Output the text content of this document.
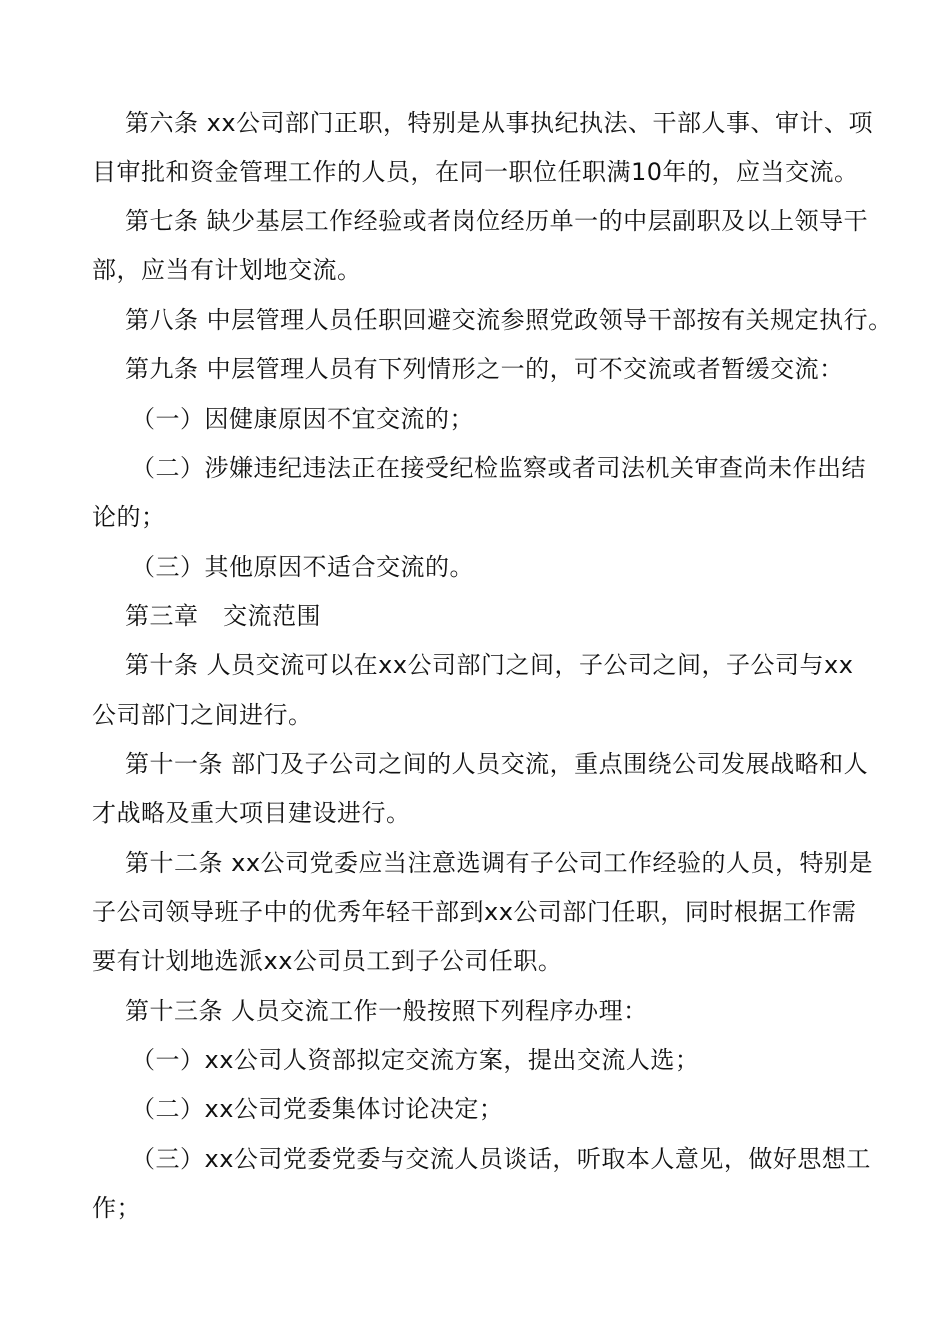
第六条 xx公司部门正职，特别是从事执纪执法、干部人事、审计、项
目审批和资金管理工作的人员，在同一职位任职满10年的，应当交流。
第七条 缺少基层工作经验或者岗位经历单一的中层副职及以上领导干
部，应当有计划地交流。
第八条 中层管理人员任职回避交流参照党政领导干部按有关规定执行。
第九条 中层管理人员有下列情形之一的，可不交流或者暂缓交流：
（一）因健康原因不宜交流的；
（二）涉嫌违纪违法正在接受纪检监察或者司法机关审查尚未作出结
论的；
（三）其他原因不适合交流的。
第三章　交流范围
第十条 人员交流可以在xx公司部门之间，子公司之间，子公司与xx
公司部门之间进行。
第十一条 部门及子公司之间的人员交流，重点围绕公司发展战略和人
才战略及重大项目建设进行。
第十二条 xx公司党委应当注意选调有子公司工作经验的人员，特别是
子公司领导班子中的优秀年轻干部到xx公司部门任职，同时根据工作需
要有计划地选派xx公司员工到子公司任职。
第十三条 人员交流工作一般按照下列程序办理：
（一）xx公司人资部拟定交流方案，提出交流人选；
（二）xx公司党委集体讨论决定；
（三）xx公司党委党委与交流人员谈话，听取本人意见，做好思想工
作；
